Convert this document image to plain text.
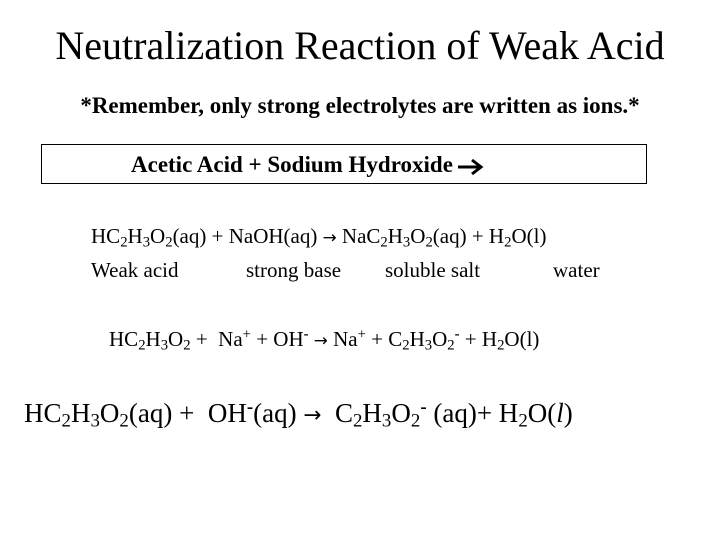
Neutralization Reaction of Weak Acid
*Remember, only strong electrolytes are written as ions.*
Acetic Acid + Sodium Hydroxide
$HC_2H_3O_2(aq)$ + NaOH(aq) → $NaC_2H_3O_2(aq) + H_2O(l)$
Weak acid	strong base soluble salt	water
$HC_2H_3O_2 + Na^+ + OH^- \to Na^+ + C_2H_3O_2^- + H_2O(l)$
$HC_2H_3O_2(aq) + OH^-(aq) \to C_2H_3O_2^-$ $(aq)+ H_2O(l)$
